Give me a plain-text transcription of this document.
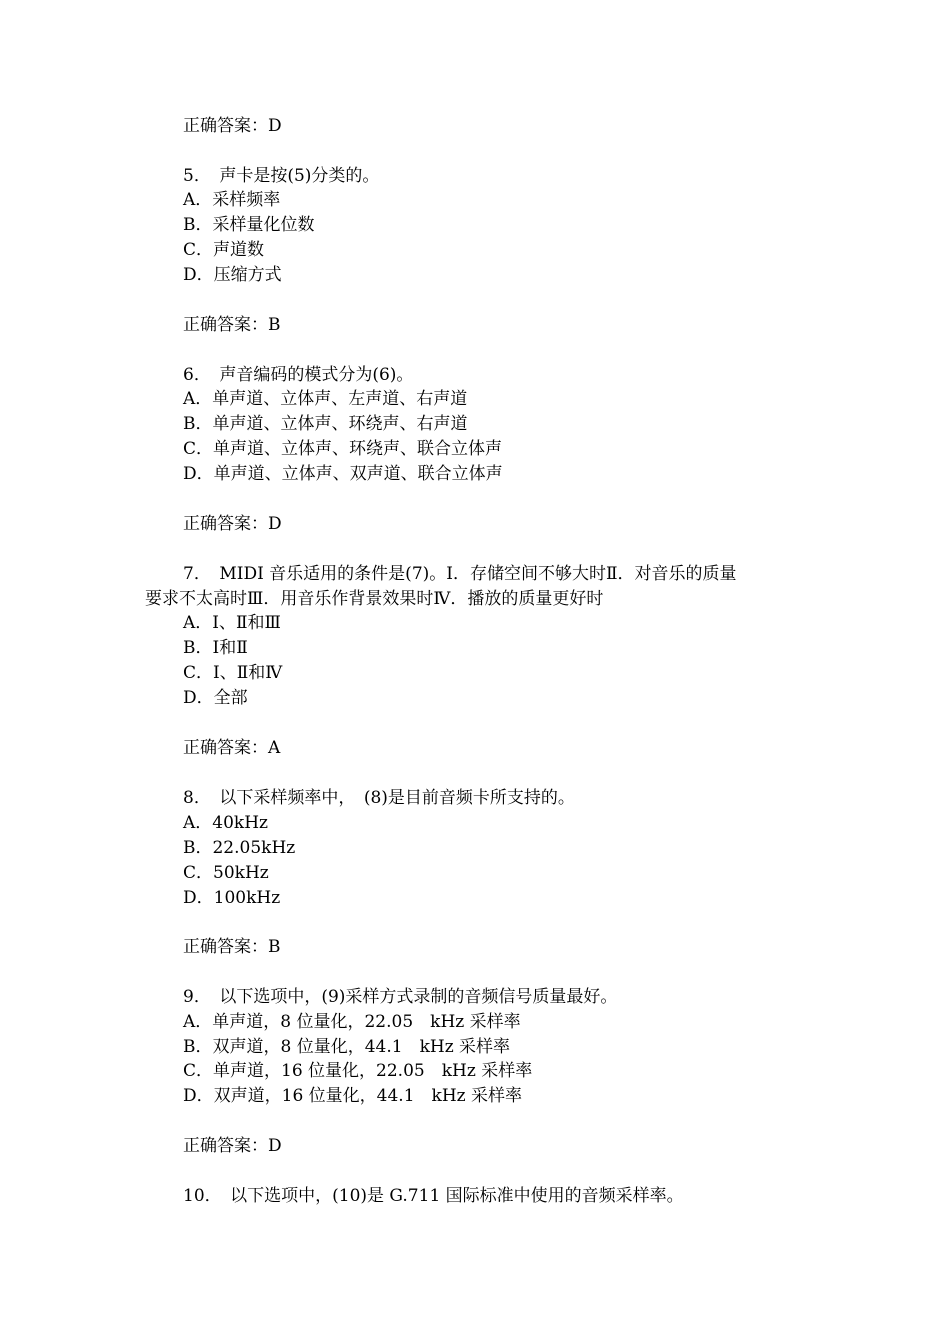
正确答案：D

5．　声卡是按(5)分类的。

A．采样频率

B．采样量化位数

C．声道数

D．压缩方式

正确答案：B

6．　声音编码的模式分为(6)。

A．单声道、立体声、左声道、右声道

B．单声道、立体声、环绕声、右声道

C．单声道、立体声、环绕声、联合立体声

D．单声道、立体声、双声道、联合立体声

正确答案：D

7．　MIDI 音乐适用的条件是(7)。Ⅰ．存储空间不够大时Ⅱ．对音乐的质量

要求不太高时Ⅲ．用音乐作背景效果时Ⅳ．播放的质量更好时

A．Ⅰ、Ⅱ和Ⅲ

B．Ⅰ和Ⅱ

C．Ⅰ、Ⅱ和Ⅳ

D．全部

正确答案：A

8．　以下采样频率中，　(8)是目前音频卡所支持的。

A．40kHz

B．22.05kHz

C．50kHz

D．100kHz

正确答案：B

9．　以下选项中，(9)采样方式录制的音频信号质量最好。

A．单声道，8 位量化，22.05　kHz 采样率

B．双声道，8 位量化，44.1　kHz 采样率

C．单声道，16 位量化，22.05　kHz 采样率

D．双声道，16 位量化，44.1　kHz 采样率

正确答案：D

10．　以下选项中，(10)是 G.711 国际标准中使用的音频采样率。
